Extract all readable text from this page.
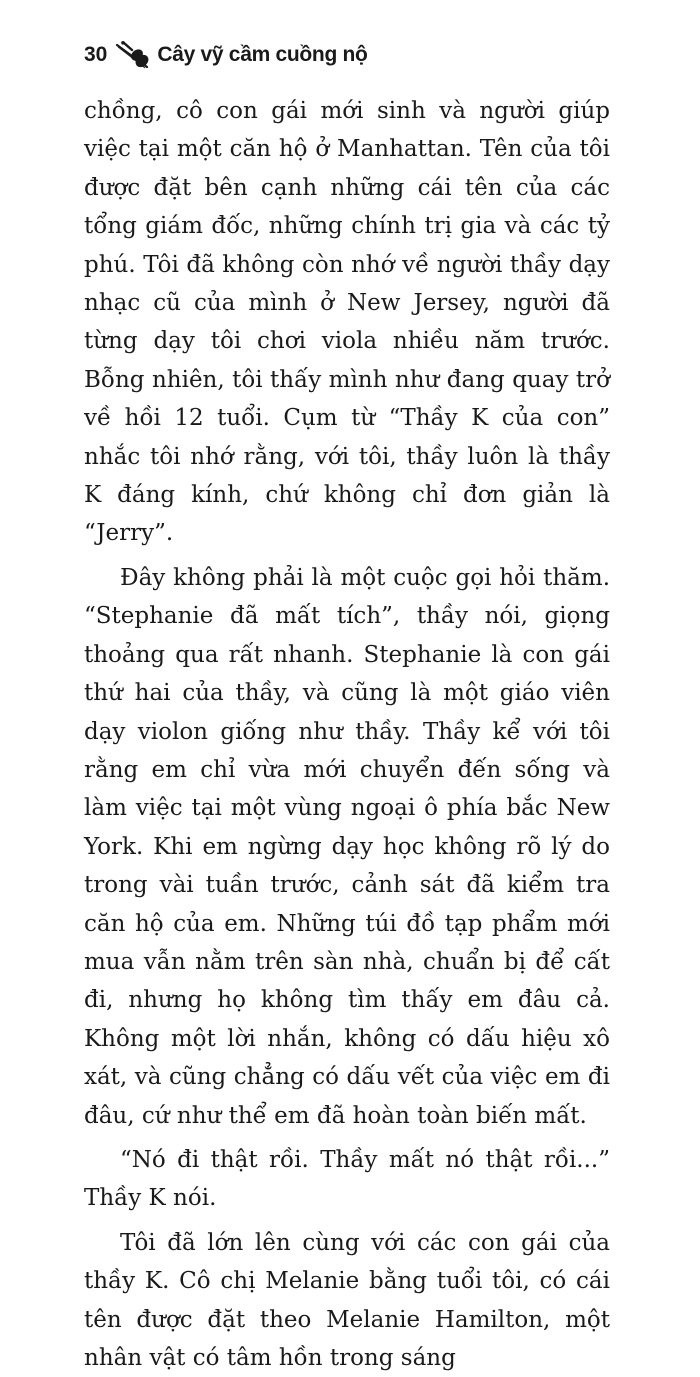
30 Cây vỹ cầm cuồng nộ

chồng, cô con gái mới sinh và người giúp việc tại một căn hộ ở Manhattan. Tên của tôi được đặt bên cạnh những cái tên của các tổng giám đốc, những chính trị gia và các tỷ phú. Tôi đã không còn nhớ về người thầy dạy nhạc cũ của mình ở New Jersey, người đã từng dạy tôi chơi viola nhiều năm trước. Bỗng nhiên, tôi thấy mình như đang quay trở về hồi 12 tuổi. Cụm từ “Thầy K của con” nhắc tôi nhớ rằng, với tôi, thầy luôn là thầy K đáng kính, chứ không chỉ đơn giản là “Jerry”.

Đây không phải là một cuộc gọi hỏi thăm. “Stephanie đã mất tích”, thầy nói, giọng thoảng qua rất nhanh. Stephanie là con gái thứ hai của thầy, và cũng là một giáo viên dạy violon giống như thầy. Thầy kể với tôi rằng em chỉ vừa mới chuyển đến sống và làm việc tại một vùng ngoại ô phía bắc New York. Khi em ngừng dạy học không rõ lý do trong vài tuần trước, cảnh sát đã kiểm tra căn hộ của em. Những túi đồ tạp phẩm mới mua vẫn nằm trên sàn nhà, chuẩn bị để cất đi, nhưng họ không tìm thấy em đâu cả. Không một lời nhắn, không có dấu hiệu xô xát, và cũng chẳng có dấu vết của việc em đi đâu, cứ như thể em đã hoàn toàn biến mất.

“Nó đi thật rồi. Thầy mất nó thật rồi...” Thầy K nói.

Tôi đã lớn lên cùng với các con gái của thầy K. Cô chị Melanie bằng tuổi tôi, có cái tên được đặt theo Melanie Hamilton, một nhân vật có tâm hồn trong sáng
